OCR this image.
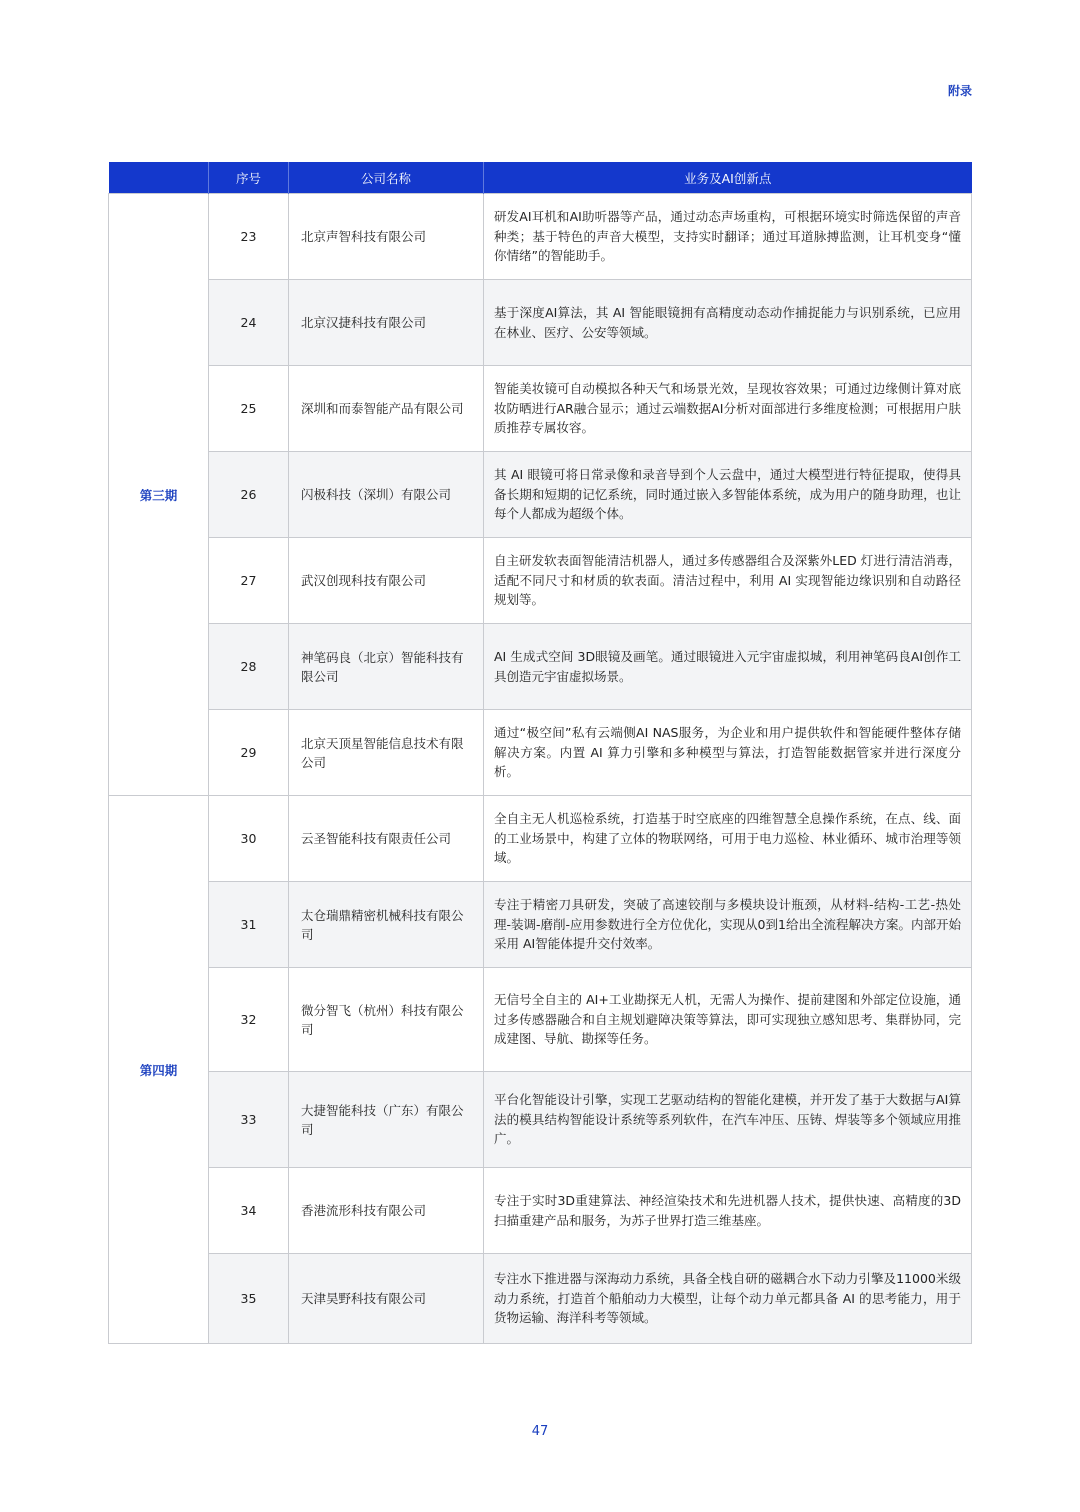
附录
	序号	公司名称	业务及AI创新点
第三期	23	北京声智科技有限公司	研发AI耳机和AI助听器等产品，通过动态声场重构，可根据环境实时筛选保留的声音种类；基于特色的声音大模型，支持实时翻译；通过耳道脉搏监测，让耳机变身“懂你情绪”的智能助手。
	24	北京汉捷科技有限公司	基于深度AI算法，其 AI 智能眼镜拥有高精度动态动作捕捉能力与识别系统，已应用在林业、医疗、公安等领域。
	25	深圳和而泰智能产品有限公司	智能美妆镜可自动模拟各种天气和场景光效，呈现妆容效果；可通过边缘侧计算对底妆防晒进行AR融合显示；通过云端数据AI分析对面部进行多维度检测；可根据用户肤质推荐专属妆容。
	26	闪极科技（深圳）有限公司	其 AI 眼镜可将日常录像和录音导到个人云盘中，通过大模型进行特征提取，使得具备长期和短期的记忆系统，同时通过嵌入多智能体系统，成为用户的随身助理，也让每个人都成为超级个体。
	27	武汉创现科技有限公司	自主研发软表面智能清洁机器人，通过多传感器组合及深紫外LED 灯进行清洁消毒，适配不同尺寸和材质的软表面。清洁过程中，利用 AI 实现智能边缘识别和自动路径规划等。
	28	神笔码良（北京）智能科技有限公司	AI 生成式空间 3D眼镜及画笔。通过眼镜进入元宇宙虚拟城，利用神笔码良AI创作工具创造元宇宙虚拟场景。
	29	北京天顶星智能信息技术有限公司	通过“极空间”私有云端侧AI NAS服务，为企业和用户提供软件和智能硬件整体存储解决方案。内置 AI 算力引擎和多种模型与算法，打造智能数据管家并进行深度分析。
第四期	30	云圣智能科技有限责任公司	全自主无人机巡检系统，打造基于时空底座的四维智慧全息操作系统，在点、线、面的工业场景中，构建了立体的物联网络，可用于电力巡检、林业循环、城市治理等领域。
	31	太仓瑞鼎精密机械科技有限公司	专注于精密刀具研发，突破了高速铰削与多模块设计瓶颈，从材料-结构-工艺-热处理-装调-磨削-应用参数进行全方位优化，实现从0到1给出全流程解决方案。内部开始采用 AI智能体提升交付效率。
	32	微分智飞（杭州）科技有限公司	无信号全自主的 AI+工业勘探无人机，无需人为操作、提前建图和外部定位设施，通过多传感器融合和自主规划避障决策等算法，即可实现独立感知思考、集群协同，完成建图、导航、勘探等任务。
	33	大捷智能科技（广东）有限公司	平台化智能设计引擎，实现工艺驱动结构的智能化建模，并开发了基于大数据与AI算法的模具结构智能设计系统等系列软件，在汽车冲压、压铸、焊装等多个领域应用推广。
	34	香港流形科技有限公司	专注于实时3D重建算法、神经渲染技术和先进机器人技术，提供快速、高精度的3D扫描重建产品和服务，为苏子世界打造三维基座。
	35	天津昊野科技有限公司	专注水下推进器与深海动力系统，具备全栈自研的磁耦合水下动力引擎及11000米级动力系统，打造首个船舶动力大模型，让每个动力单元都具备 AI 的思考能力，用于货物运输、海洋科考等领域。
47
